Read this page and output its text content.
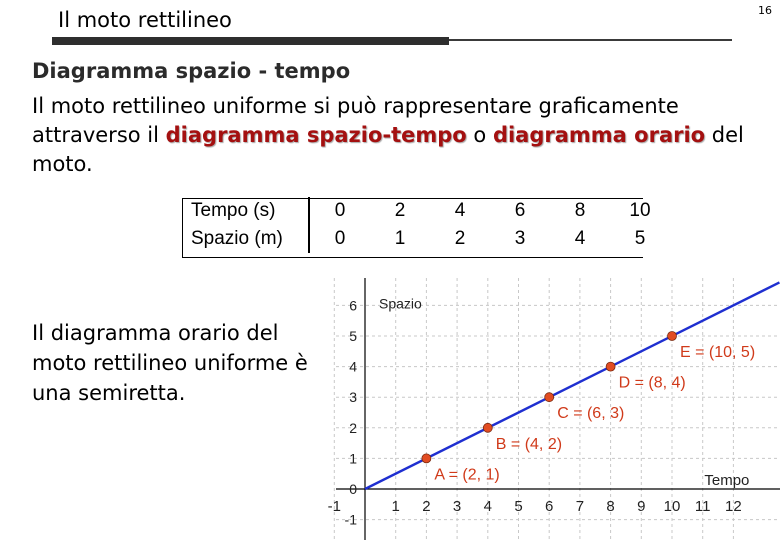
Il moto rettilineo	16
Diagramma spazio - tempo
Il moto rettilineo uniforme si può rappresentare graficamente attraverso il diagramma spazio-tempo o diagramma orario del moto.
Tempo (s)	0	2	4	6	8	10
Spazio (m)	0	1	2	3	4	5
Il diagramma orario del moto rettilineo uniforme è una semiretta.
-1	1 2 3 4 5 6 7 8 9 10 11 12
-1
0
1
2
3
4
5
6 Spazio
Tempo
A = (2, 1)
B = (4, 2)
C = (6, 3)
D = (8, 4)
E = (10, 5)
